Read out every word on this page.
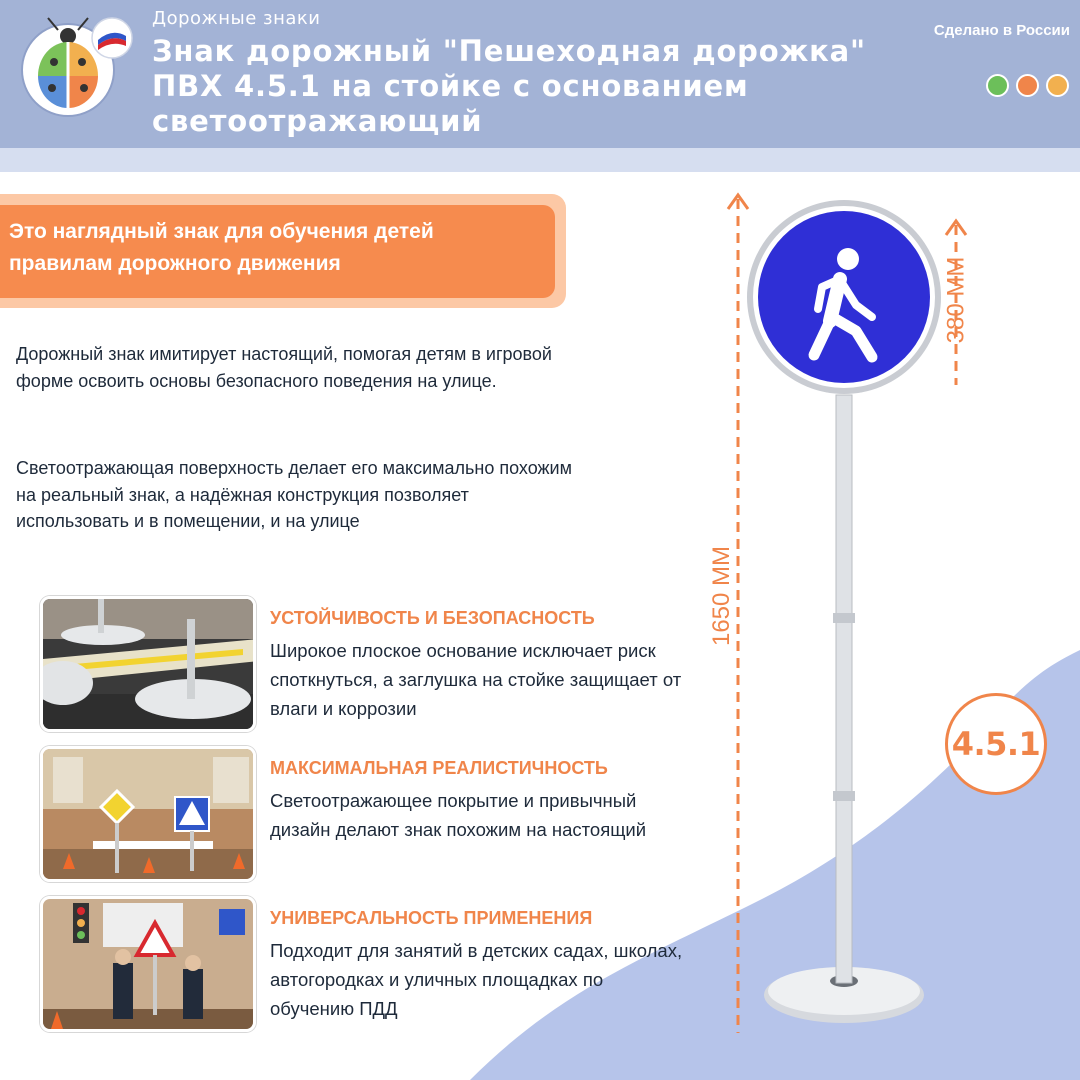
Дорожные знаки
Знак дорожный "Пешеходная дорожка" ПВХ 4.5.1 на стойке с основанием светоотражающий
Сделано в России
Это наглядный знак для обучения детей правилам дорожного движения
Дорожный знак имитирует настоящий, помогая детям в игровой форме освоить основы безопасного поведения на улице.
Светоотражающая поверхность делает его максимально похожим на реальный знак, а надёжная конструкция позволяет использовать и в помещении, и на улице
УСТОЙЧИВОСТЬ И БЕЗОПАСНОСТЬ
Широкое плоское основание исключает риск споткнуться, а заглушка на стойке защищает от влаги и коррозии
МАКСИМАЛЬНАЯ РЕАЛИСТИЧНОСТЬ
Светоотражающее покрытие и привычный дизайн делают знак похожим на настоящий
УНИВЕРСАЛЬНОСТЬ ПРИМЕНЕНИЯ
Подходит для занятий в детских садах, школах, автогородках и уличных площадках по обучению ПДД
380 ММ
1650 ММ
4.5.1
